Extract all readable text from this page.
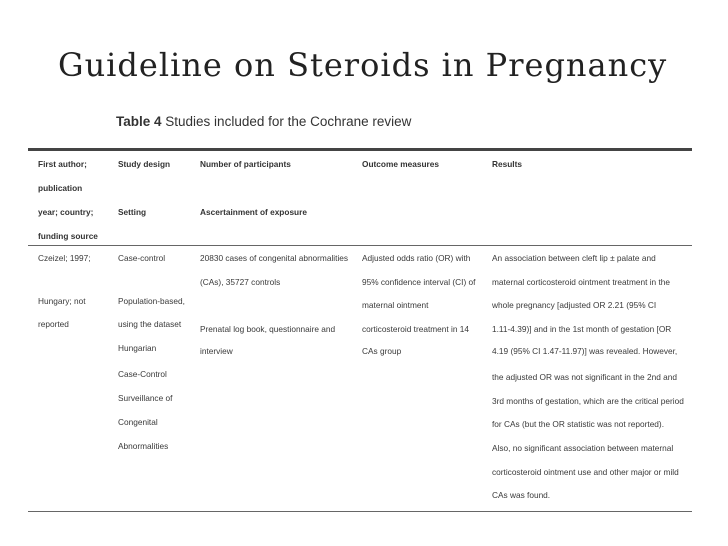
Guideline on Steroids in Pregnancy
Table 4 Studies included for the Cochrane review
First author;
publication
year; country;
funding source
Study design
Setting
Number of participants
Ascertainment of exposure
Outcome measures	Results
Czeizel; 1997;
Hungary; not
reported
Case-control
Population-based,
using the dataset
Hungarian
Case-Control
Surveillance of
Congenital
Abnormalities
20830 cases of congenital abnormalities
(CAs), 35727 controls
Prenatal log book, questionnaire and
interview
Adjusted odds ratio (OR) with
95% confidence interval (CI) of
maternal ointment
corticosteroid treatment in 14
CAs group
An association between cleft lip ± palate and
maternal corticosteroid ointment treatment in the
whole pregnancy [adjusted OR 2.21 (95% CI
1.11-4.39)] and in the 1st month of gestation [OR
4.19 (95% CI 1.47-11.97)] was revealed. However,
the adjusted OR was not significant in the 2nd and
3rd months of gestation, which are the critical period
for CAs (but the OR statistic was not reported).
Also, no significant association between maternal
corticosteroid ointment use and other major or mild
CAs was found.
